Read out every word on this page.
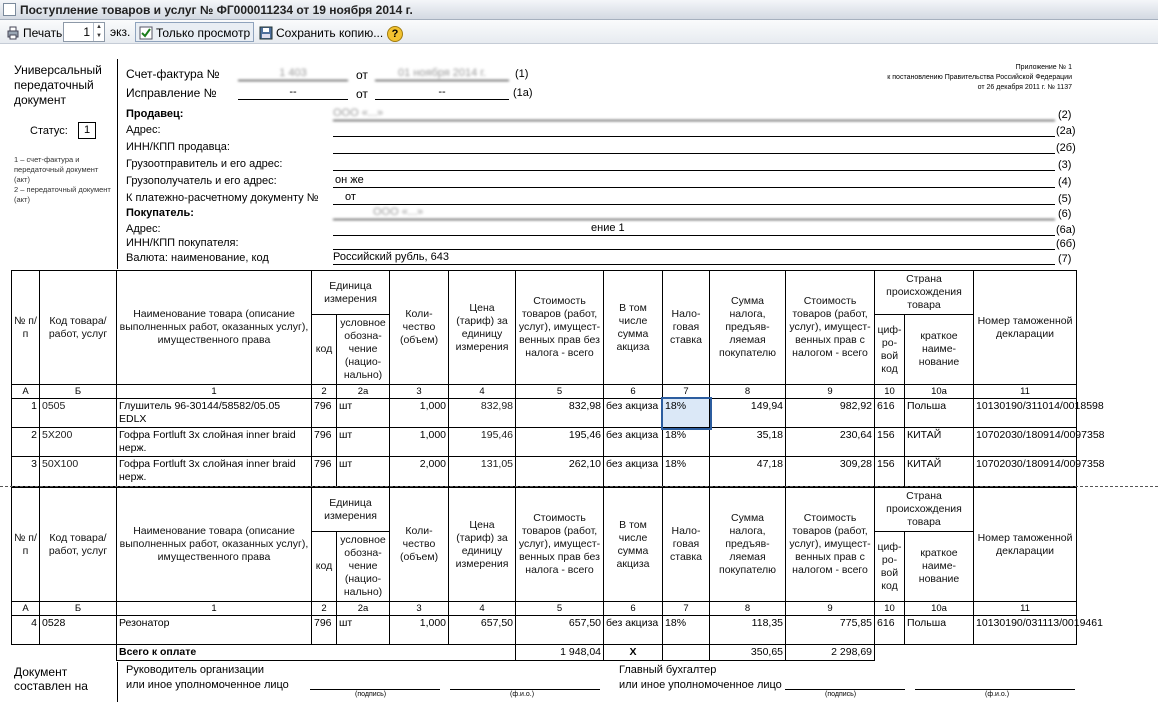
Поступление товаров и услуг № ФГ000011234 от 19 ноября 2014 г.
Печать	1	▲
▼ экз.	Только просмотр	Сохранить копию... ?
Универсальный передаточный документ
Статус:	1
1 – счет-фактура и передаточный документ (акт)
2 – передаточный документ (акт)
Счет-фактура №	1 403	от	01 ноября 2014 г.	(1)
Исправление №	--	от	--	(1а)
Приложение № 1
к постановлению Правительства Российской Федерации
от 26 декабря 2011 г. № 1137
Продавец:	ООО «...»	(2)
Адрес:	(2а)
ИНН/КПП продавца:	(2б)
Грузоотправитель и его адрес:	(3)
Грузополучатель и его адрес:	он же	(4)
К платежно-расчетному документу №	от	(5)
Покупатель:	ООО «...»	(6)
Адрес:	ение 1	(6а)
ИНН/КПП покупателя:	(6б)
Валюта: наименование, код	Российский рубль, 643	(7)
№ п/п	Код товара/ работ, услуг	Наименование товара (описание выполненных работ, оказанных услуг), имущественного права	Единица измерения		Коли-чество (объем)	Цена (тариф) за единицу измерения	Стоимость товаров (работ, услуг), имущест-венных прав без налога - всего	В том числе сумма акциза	Нало-говая ставка	Сумма налога, предъяв-ляемая покупателю	Стоимость товаров (работ, услуг), имущест-венных прав с налогом - всего	Страна происхождения товара		Номер таможенной декларации
			код	условное обозна-чение (нацио-нально)								циф-ро-вой код	краткое наиме-нование	
А	Б	1	2	2а	3	4	5	6	7	8	9	10	10а	11
1	0505	Глушитель 96-30144/58582/05.05 EDLX	796	шт	1,000	832,98	832,98	без акциза	18%	149,94	982,92	616	Польша	10130190/311014/0018598
2	5X200	Гофра Fortluft 3х слойная inner braid нерж.	796	шт	1,000	195,46	195,46	без акциза	18%	35,18	230,64	156	КИТАЙ	10702030/180914/0097358
3	50X100	Гофра Fortluft 3х слойная inner braid нерж.	796	шт	2,000	131,05	262,10	без акциза	18%	47,18	309,28	156	КИТАЙ	10702030/180914/0097358
№ п/п	Код товара/ работ, услуг	Наименование товара (описание выполненных работ, оказанных услуг), имущественного права	Единица измерения		Коли-чество (объем)	Цена (тариф) за единицу измерения	Стоимость товаров (работ, услуг), имущест-венных прав без налога - всего	В том числе сумма акциза	Нало-говая ставка	Сумма налога, предъяв-ляемая покупателю	Стоимость товаров (работ, услуг), имущест-венных прав с налогом - всего	Страна происхождения товара		Номер таможенной декларации
			код	условное обозна-чение (нацио-нально)								циф-ро-вой код	краткое наиме-нование	
А	Б	1	2	2а	3	4	5	6	7	8	9	10	10а	11
4	0528	Резонатор	796	шт	1,000	657,50	657,50	без акциза	18%	118,35	775,85	616	Польша	10130190/031113/0019461
		Всего к оплате					1 948,04	X		350,65	2 298,69			
Документ составлен на
Руководитель организации
или иное уполномоченное лицо
(подпись)	(ф.и.о.)
Главный бухгалтер
или иное уполномоченное лицо
(подпись)	(ф.и.о.)
